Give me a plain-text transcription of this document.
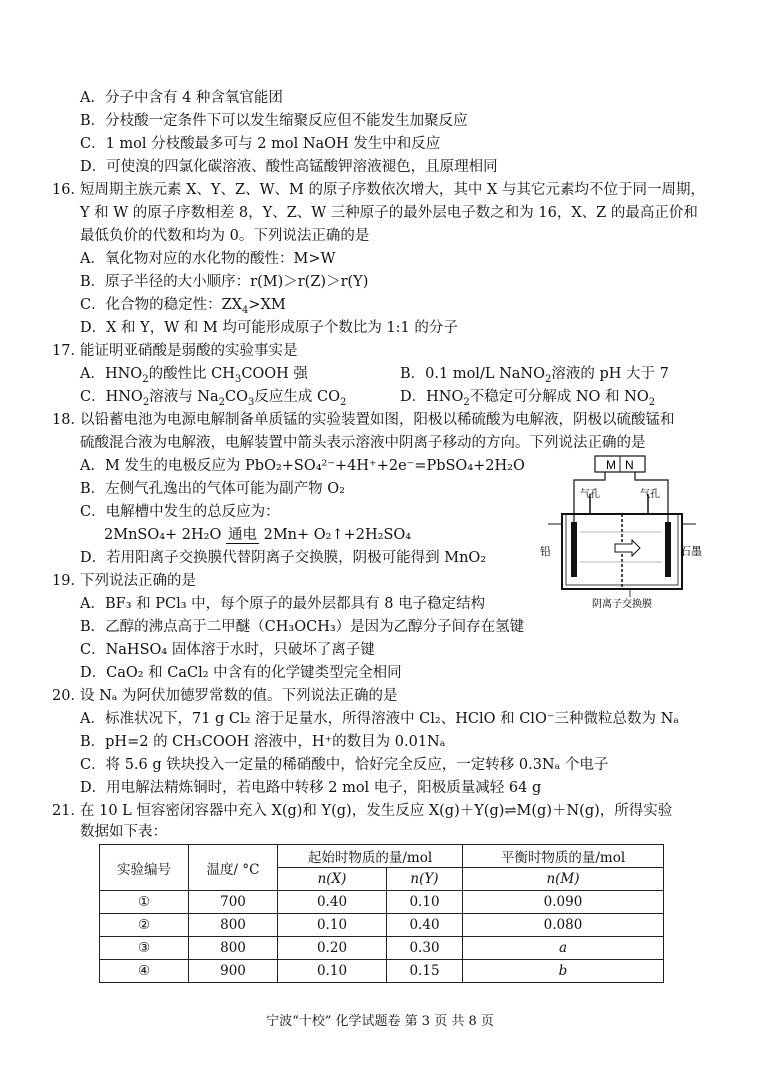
A．分子中含有 4 种含氧官能团
B．分枝酸一定条件下可以发生缩聚反应但不能发生加聚反应
C．1 mol 分枝酸最多可与 2 mol NaOH 发生中和反应
D．可使溴的四氯化碳溶液、酸性高锰酸钾溶液褪色，且原理相同
16．
短周期主族元素 X、Y、Z、W、M 的原子序数依次增大，其中 X 与其它元素均不位于同一周期，
Y 和 W 的原子序数相差 8，Y、Z、W 三种原子的最外层电子数之和为 16，X、Z 的最高正价和
最低负价的代数和均为 0。下列说法正确的是
A．氧化物对应的水化物的酸性：M>W
B．原子半径的大小顺序：r(M)＞r(Z)＞r(Y)
C．化合物的稳定性：$ZX_4>XM$
D．X 和 Y，W 和 M 均可能形成原子个数比为 1:1 的分子
17．
能证明亚硝酸是弱酸的实验事实是
A．$HNO_2$的酸性比 $CH_3COOH$ 强	B．0.1 mol/L NaNO$_2$溶液的 pH 大于 7
C．$HNO_2$溶液与 $Na_2CO_3$反应生成 $CO_2$	D．$HNO_2$不稳定可分解成 NO 和 $NO_2$
18．
以铅蓄电池为电源电解制备单质锰的实验装置如图，阳极以稀硫酸为电解液，阴极以硫酸锰和
硫酸混合液为电解液，电解装置中箭头表示溶液中阴离子移动的方向。下列说法正确的是
A．M 发生的电极反应为 PbO₂+SO₄²⁻+4H⁺+2e⁻=PbSO₄+2H₂O
B．左侧气孔逸出的气体可能为副产物 O₂
C．电解槽中发生的总反应为：
2MnSO₄+ 2H₂O 通电 2Mn+ O₂↑+2H₂SO₄
D．若用阳离子交换膜代替阴离子交换膜，阴极可能得到 MnO₂
M N
气孔	气孔
铅	石墨
阴离子交换膜
19．
下列说法正确的是
A．BF₃ 和 PCl₃ 中，每个原子的最外层都具有 8 电子稳定结构
B．乙醇的沸点高于二甲醚（CH₃OCH₃）是因为乙醇分子间存在氢键
C．NaHSO₄ 固体溶于水时，只破坏了离子键
D．CaO₂ 和 CaCl₂ 中含有的化学键类型完全相同
20．
设 Nₐ 为阿伏加德罗常数的值。下列说法正确的是
A．标准状况下，71 g Cl₂ 溶于足量水，所得溶液中 Cl₂、HClO 和 ClO⁻三种微粒总数为 Nₐ
B．pH=2 的 CH₃COOH 溶液中，H⁺的数目为 0.01Nₐ
C．将 5.6 g 铁块投入一定量的稀硝酸中，恰好完全反应，一定转移 0.3Nₐ 个电子
D．用电解法精炼铜时，若电路中转移 2 mol 电子，阳极质量减轻 64 g
21．
在 10 L 恒容密闭容器中充入 X(g)和 Y(g)，发生反应 X(g)＋Y(g)⇌M(g)＋N(g)，所得实验
数据如下表：
实验编号	温度/ °C	起始时物质的量/mol		平衡时物质的量/mol
		n(X)	n(Y)	n(M)
①	700	0.40	0.10	0.090
②	800	0.10	0.40	0.080
③	800	0.20	0.30	a
④	900	0.10	0.15	b
宁波“十校” 化学试题卷 第 3 页 共 8 页
